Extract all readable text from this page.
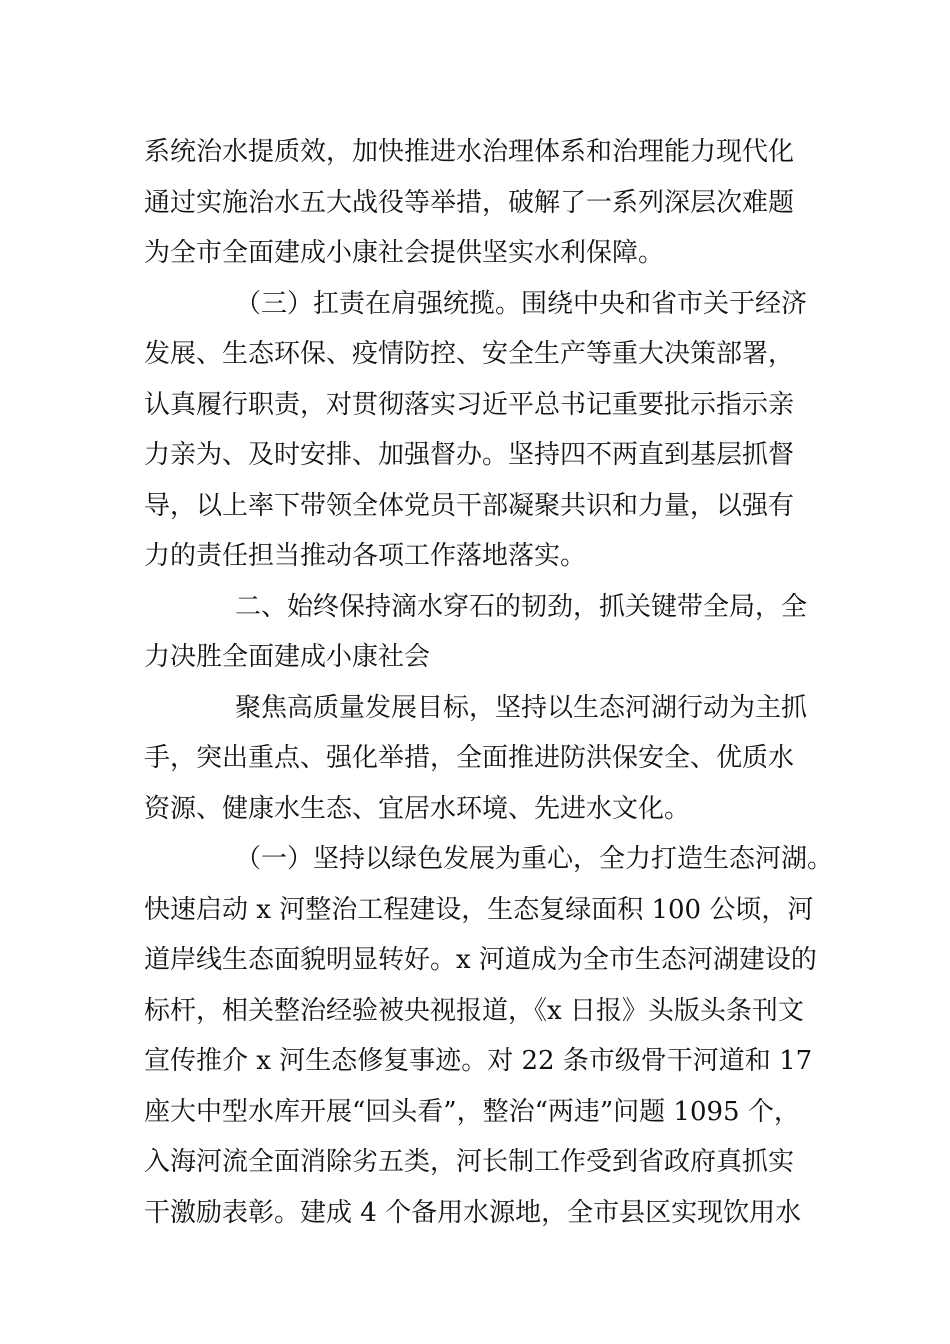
系统治水提质效，加快推进水治理体系和治理能力现代化
通过实施治水五大战役等举措，破解了一系列深层次难题
为全市全面建成小康社会提供坚实水利保障。
（三）扛责在肩强统揽。围绕中央和省市关于经济
发展、生态环保、疫情防控、安全生产等重大决策部署，
认真履行职责，对贯彻落实习近平总书记重要批示指示亲
力亲为、及时安排、加强督办。坚持四不两直到基层抓督
导，以上率下带领全体党员干部凝聚共识和力量，以强有
力的责任担当推动各项工作落地落实。
二、始终保持滴水穿石的韧劲，抓关键带全局，全
力决胜全面建成小康社会
聚焦高质量发展目标，坚持以生态河湖行动为主抓
手，突出重点、强化举措，全面推进防洪保安全、优质水
资源、健康水生态、宜居水环境、先进水文化。
（一）坚持以绿色发展为重心，全力打造生态河湖。
快速启动 x 河整治工程建设，生态复绿面积 100 公顷，河
道岸线生态面貌明显转好。x 河道成为全市生态河湖建设的
标杆，相关整治经验被央视报道，《x 日报》头版头条刊文
宣传推介 x 河生态修复事迹。对 22 条市级骨干河道和 17
座大中型水库开展“回头看”，整治“两违”问题 1095 个，
入海河流全面消除劣五类，河长制工作受到省政府真抓实
干激励表彰。建成 4 个备用水源地，全市县区实现饮用水
